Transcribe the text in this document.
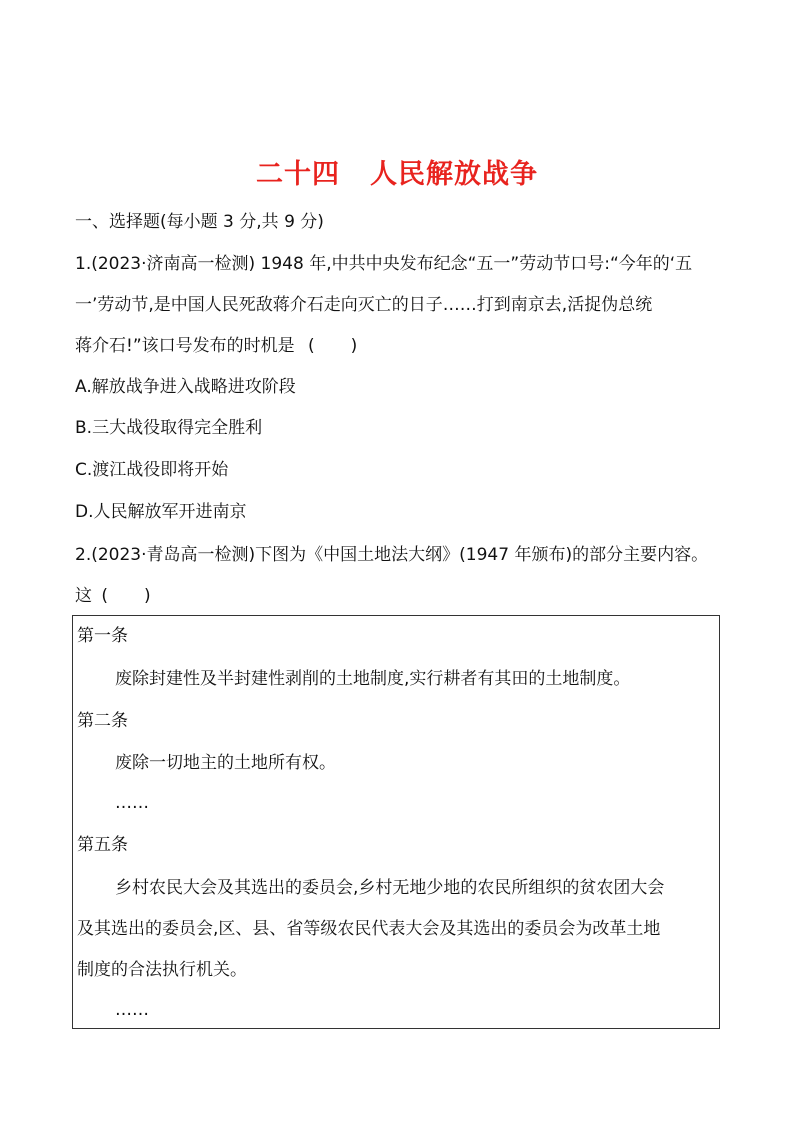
二十四 人民解放战争
一、选择题(每小题 3 分,共 9 分)
1.(2023·济南高一检测) 1948 年,中共中央发布纪念“五一”劳动节口号:“今年的‘五
一’劳动节,是中国人民死敌蒋介石走向灭亡的日子……打到南京去,活捉伪总统
蒋介石!”该口号发布的时机是 ( )
A.解放战争进入战略进攻阶段
B.三大战役取得完全胜利
C.渡江战役即将开始
D.人民解放军开进南京
2.(2023·青岛高一检测)下图为《中国土地法大纲》(1947 年颁布)的部分主要内容。
这 ( )
第一条
废除封建性及半封建性剥削的土地制度,实行耕者有其田的土地制度。
第二条
废除一切地主的土地所有权。
……
第五条
乡村农民大会及其选出的委员会,乡村无地少地的农民所组织的贫农团大会
及其选出的委员会,区、县、省等级农民代表大会及其选出的委员会为改革土地
制度的合法执行机关。
……
